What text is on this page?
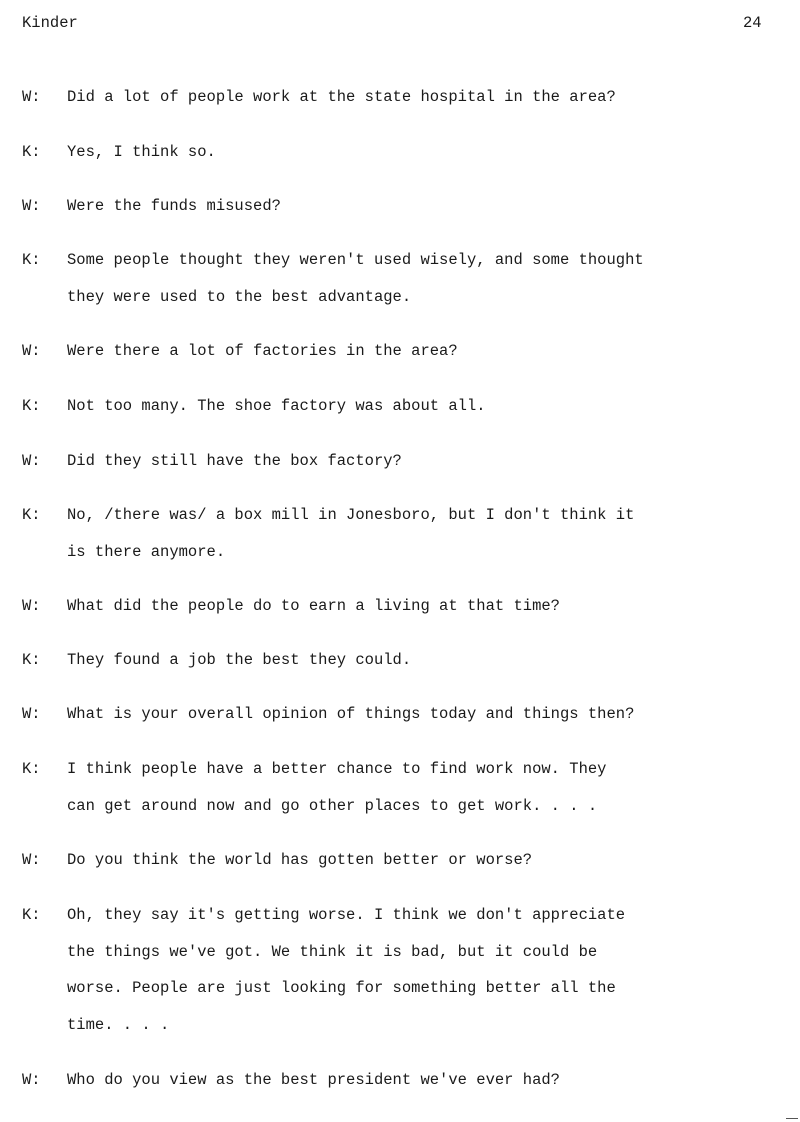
Kinder	24
W:	Did a lot of people work at the state hospital in the area?
K:	Yes, I think so.
W:	Were the funds misused?
K:	Some people thought they weren't used wisely, and some thought
they were used to the best advantage.
W:	Were there a lot of factories in the area?
K:	Not too many. The shoe factory was about all.
W:	Did they still have the box factory?
K:	No, /there was/ a box mill in Jonesboro, but I don't think it
is there anymore.
W:	What did the people do to earn a living at that time?
K:	They found a job the best they could.
W:	What is your overall opinion of things today and things then?
K:	I think people have a better chance to find work now. They
can get around now and go other places to get work. . . .
W:	Do you think the world has gotten better or worse?
K:	Oh, they say it's getting worse. I think we don't appreciate
the things we've got. We think it is bad, but it could be
worse. People are just looking for something better all the
time. . . .
W:	Who do you view as the best president we've ever had?
